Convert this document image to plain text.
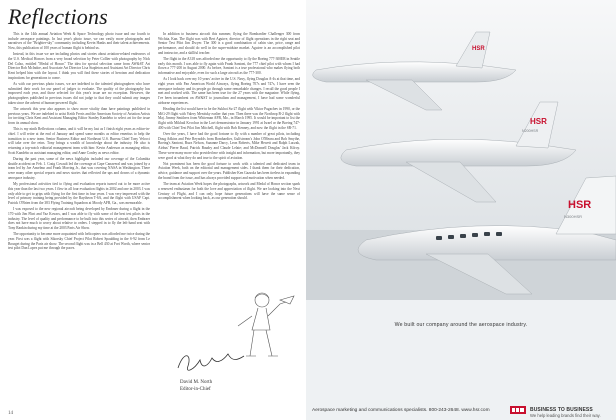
Reflections

This is the 14th annual Aviation Week & Space Technology photo issue and our fourth to include aerospace paintings. In last year's photo issue, we ran vastly more photographs and narratives of the "Brighter-sky" community including Kevin Hanks and their talent achievements. Now, this publication of 100 years of human flight is behind us.

Instead, in this issue we are including photos and stories about aviation-related endeavors of the U.S. Medical Honors from a very broad selection by Peter Collier with photography by Nick Del Calzo, entitled "Medal of Honor." The idea for special selection came from AW&ST Art Director Bob McIndoe, and Associate Art Director Lisa Stapleton and Assistant Art Director Chris Kent helped him with the layout. I think you will find these stories of heroism and dedication inspirations for generations to come.

As with our previous photo issues, we are indebted to the talented photographers who have submitted their work for our panel of judges to evaluate. The quality of the photography has improved each year, and those selected for this year's issue are no exception. However, the photographers published in previous issues did not judge to that they could submit any images taken since the advent of human-powered flight.

The artwork this year also appears to show more vitality than have paintings published in previous years. We are indebted to artist Keith Ferris and the American Society of Aviation Artists for inviting Chris Kent and Assistant Managing Editor Stanley Kandebo to select art for the issue from its annual show.

This is my ninth Reflections column, and it will be my last as I finish eight years as editor-in-chief. I will retire at the end of January and spend some months as editor emeritus to help the transition to a new team. Senior Business Editor and Northeast U.S. Bureau Chief Tony Velocci will take over the reins. Tony brings a wealth of knowledge about the industry. He also is returning a top-notch editorial management team with him: Kevin Anderson as managing editor, Scott Kandebo as assistant managing editor, and Anne Conley as news editor.

During the past year, some of the news highlights included our coverage of the Columbia shuttle accident on Feb. 1. Craig Covault led the coverage at Cape Canaveral and was joined by a team led by Joe Anselmo and Frank Morring Jr., that was covering NASA in Washington. There were many other special reports and news stories that reflected the ups and downs of a dynamic aerospace industry.

My professional activities tied to flying and evaluation reports turned out to be more active this year than the last two years. I flew in all four evaluation flights in 2002 and one in 2003. I was only able to get to grips with flying for the first time in four years. I was very impressed with the level of primary training being provided by the Raytheon T-6A, and the flight with USAF Capt. Patrick O'Brien from the 383 Flying Training Squadron at Moody AFB, Ga., was memorable.

I was exposed to the new regional aircraft being developed by Embraer during a flight in the 170 with Jim Flint and Vaz Kovacs, and I was able to fly with some of the best test pilots in the industry. The level of quality and performance to be built into this series of aircraft, then Embraer does not have much to worry about relative to orders. I stepped in to fly the left-hand seat with Tony Rankin during my time at the 2003 Paris Air Show.

The opportunity to become more acquainted with helicopters was afforded me twice during the year. First was a flight with Sikorsky Chief Project Pilot Robert Spaulding in the S-92 from Le Bourget during the Paris air show. The second flight was in a Bell 430 at Fort Worth, where senior test pilot Dan Lopez put me through the paces.

In addition to business aircraft this summer, flying the Bombardier Challenger 300 from Wichita, Kan. The flight was with Bert Aguirre, director of flight operations in the right seat and Senior Test Pilot Jim Dwyer. The 300 is a good combination of cabin size, price, range and performance, and should do well in the super-midsize market. Aguirre is an accomplished pilot and instructor, and a skillful teacher.

The flight in the A318 was afforded me the opportunity to fly the Boeing 777-300ER in Seattle early this month. I was able to fly again with Frank Santoni, the 777 chief pilot with whom I had flown a 777-200 in August 2000. As before, Santoni is a true professional who makes flying both informative and enjoyable, even for such a large aircraft as the 777-300.

As I look back over my 10 years' active in the U.S. Navy, flying Douglas A-4s at that time, and eight years with Pan American World Airways, flying Boeing 707s and 747s, I have seen the aerospace industry and its people go through some remarkable changes. I recall the good people I met and worked with. The same has been true for the 27 years with the magazine. While flying, I've been incumbent on AW&ST to journalism and management, I have had some wonderful airborne experiences.

Heading the list would have to be the Sukhoi Su-27 flight with Viktor Pugachev in 1990, or the MiG-29 flight with Valery Menitsky earlier that year. Then there was the Northrop B-2 flight with Maj. Jimmy Smithers from Whiteman AFB, Mo., in March 1995. It would be important to list the flight with Mikhail Kvochur in the Lavi demonstrator in January 1991 at Israel or the Boeing 747-400 with Chief Test Pilot Jim Mitchell, flight with Bob Kenney, and now the flight in the SR-71.

Over the years, I have had the good fortune to fly with a number of great pilots, including Doug Adkins and Pete Reynolds from Bombardier, Gulfstream's John O'Meara and Bob Smythe, Boeing's Santoni, Buzz Nelson, Suzanne Darcy, Leon Roberts, Mike Hewett and Ralph Luczak, Airbus' Pierre Baud, Patrick Baudry and Claude Lelaie; and McDonnell Douglas' Jack Kilroy. These were many more who provided me with insight and information, but more importantly, they were good at what they do and true to the spirit of aviation.

Not prominent has been the good fortune to work with a talented and dedicated team in Aviation Week, both on the editorial and management sides. I thank them for their dedication, advice, guidance and support over the years. Publisher Ken Gazzola has been tireless in expanding the brand from the issue, and has always provided support and motivation when needed.

The team at Aviation Week hopes the photographs, artwork and Medal of Honor section spark a renewed enthusiasm for both the love and appreciation of flight. We are looking into the Next Century of Flight, and I can only hope future generations will have the same sense of accomplishment when looking back, as our generation should.

David M. North
Editor-in-Chief
14
HSR
HSR
N200HSR
HSR
N300HSR
We built our company around the aerospace industry.
Aerospace marketing and communications specialists. 800-243-2648. www.hsr.com	BUSINESS TO BUSINESS
We help leading brands find their way.
